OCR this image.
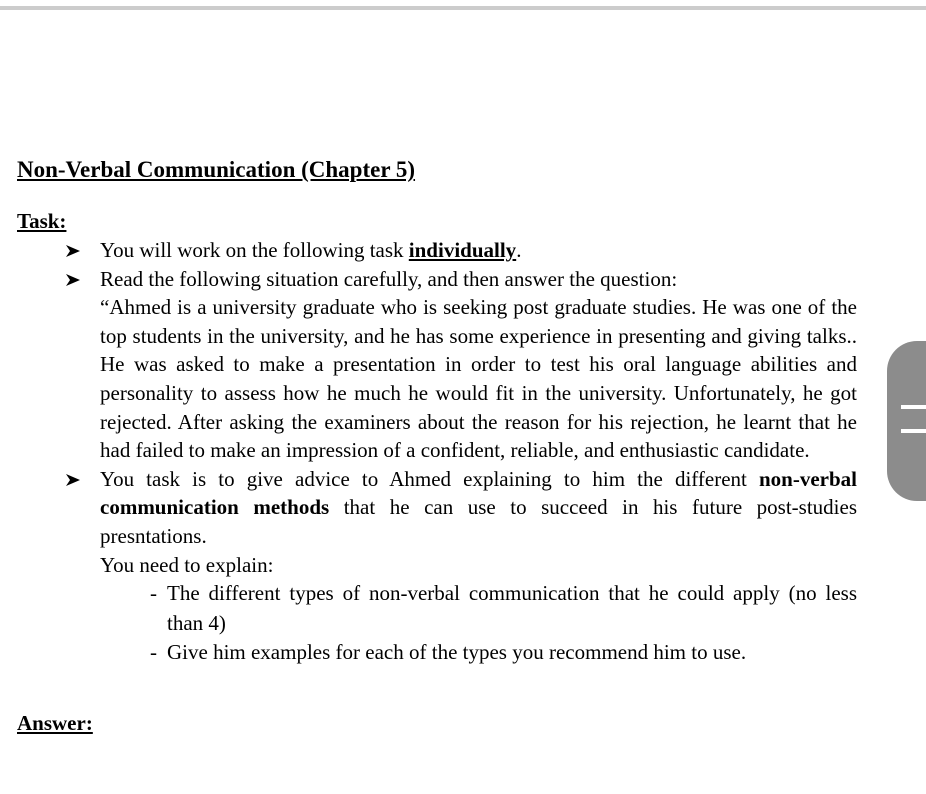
Non-Verbal Communication (Chapter 5)
Task:
You will work on the following task individually.
Read the following situation carefully, and then answer the question:
“Ahmed is a university graduate who is seeking post graduate studies. He was one of the top students in the university, and he has some experience in presenting and giving talks.. He was asked to make a presentation in order to test his oral language abilities and personality to assess how he much he would fit in the university. Unfortunately, he got rejected. After asking the examiners about the reason for his rejection, he learnt that he had failed to make an impression of a confident, reliable, and enthusiastic candidate.
You task is to give advice to Ahmed explaining to him the different non-verbal communication methods that he can use to succeed in his future post-studies presntations.
You need to explain:
- The different types of non-verbal communication that he could apply (no less than 4)
- Give him examples for each of the types you recommend him to use.
Answer:
